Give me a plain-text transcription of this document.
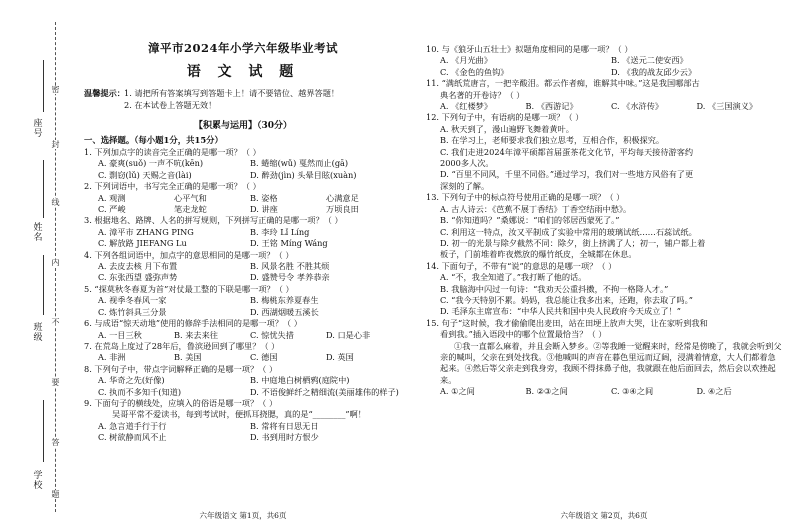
密
封
线
内
不
要
答
题
学校
班级
姓名
座号
漳平市2024年小学六年级毕业考试
语 文 试 题
温馨提示： 1. 请把所有答案填写到答题卡上！请不要错位、越界答题！
2. 在本试卷上答题无效！
【积累与运用】（30分）
一、选择题。（每小题1分，共15分）
1. 下列加点字的读音完全正确的是哪一项？（ ）
A. 豪爽(suǒ) 一声不吭(kēn)	B. 蜷缩(wǔ) 戛然而止(gā)
C. 剽窃(lǔ) 天赐之音(lài)	D. 醉劲(jìn) 头晕目眩(xuàn)
2. 下列词语中，书写完全正确的是哪一项？（ ）
A. 观测	心平气和	B. 姿格	心满意足
C. 严峻	笔走龙蛇	D. 讲座	万顷良田
3. 根据地名、路牌、人名的拼写规则，下列拼写正确的是哪一项？（ ）
A. 漳平市 ZHANG PING	B. 李玲 Lǐ Líng
C. 解放路 JIEFANG Lu	D. 王铭 Míng Wáng
4. 下列各组词语中，加点字的意思相同的是哪一项？（ ）
A. 去皮去核 月下布置	B. 风景名胜 不胜其烦
C. 东张西望 盛弥声势	D. 盛赞号令 孝养恭亲
5. “探莫秋冬春夏为首”对仗最工整的下联是哪一项？（ ）
A. 视季冬春风一家	B. 梅桃东养夏春生
C. 炼竹斜具三分景	D. 西湖烟暖五溪长
6. 与成语“惊天动地”使用的修辞手法相同的是哪一项？（ ）
A. 一目三秋	B. 来去来往	C. 惊忧失措	D. 口是心非
7. 在荒岛上度过了28年后，鲁滨逊回到了哪里？（ ）
A. 非洲	B. 美国	C. 德国	D. 英国
8. 下列句子中，带点字词解释正确的是哪一项？（ ）
A. 华奇之先(好像)	B. 中庭地白树栖鸦(庭院中)
C. 执而不多知千(知道)	D. 不语俊鲜纤之精细流(美丽雄伟的样子)
9. 下面句子的横线处，应填入的俗语是哪一项？（ ）
吴哥平常不爱读书，每到考试时，便抓耳挠腮，真的是“________”啊！
A. 急言道手行于行	B. 常将有日思无日
C. 树欲静而风不止	D. 书到用时方恨少
六年级语文 第1页，共6页
10. 与《狼牙山五壮士》拟题角度相同的是哪一项？（ ）
A. 《月光曲》	B. 《送元二使安西》
C. 《金色的鱼钩》	D. 《我的战友邱少云》
11. “满纸荒唐言，一把辛酸泪。都云作者痴，谁解其中味。”这是我国哪部古
典名著的开卷诗？（ ）
A. 《红楼梦》	B. 《西游记》	C. 《水浒传》	D. 《三国演义》
12. 下列句子中，有语病的是哪一项？（ ）
A. 秋天到了，漫山遍野飞舞着黄叶。
B. 在学习上，老师要求我们独立思考，互相合作，积极探究。
C. 我们走进2024年漳平硕都首届蛋茶花文化节，平均每天接待游客约
2000多人次。
D. “百里不同风，千里不同俗。”通过学习，我们对一些地方风俗有了更
深刻的了解。
13. 下列句子中的标点符号使用正确的是哪一项？（ ）
A. 古人诗云：《芭蕉不展丁香结》丁香空结雨中愁》。
B. “你知道吗？”桑娜说：“咱们的邻居西蒙死了。”
C. 利用这一特点，汝又平制成了实验中常用的玻璃试纸……石蕊试纸。
D. 初一的光景与除夕截然不同：除夕，街上挤满了人；初一，铺户都上着
板子，门前堆着昨夜燃放的爆竹纸皮，全城都在休息。
14. 下面句子，不带有“说”的意思的是哪一项？（ ）
A. “不，我全知道了。”我打断了他的话。
B. 我脑海中闪过一句诗：“我劝天公重抖擞，不拘一格降人才。”
C. “我今天特别不累。妈妈，我总能让我多出来，还跑，你去取了吗。”
D. 毛泽东主席宣布：“中华人民共和国中央人民政府今天成立了！”
15. 句子“这时候，我才偷偷爬出麦田，站在田埂上放声大哭，让在家听到我和
看到我。”插入语段中的哪个位置最恰当？（ ）
①我一直都么麻着，并且会断入梦乡。②等我睡一觉醒来时，经常是傍晚了，我就会听到父亲的喊叫，父亲在到处找我。③他喊叫的声音在暮色里远而辽阔，浸满着情意，大人们都着急起来。④然后等父亲走到我身旁，我顾不得抹鼻子他，我就跟在他后面回去，然后会以欢挫起来。
A. ①之间	B. ②③之间	C. ③④之间	D. ④之后
六年级语文 第2页，共6页
